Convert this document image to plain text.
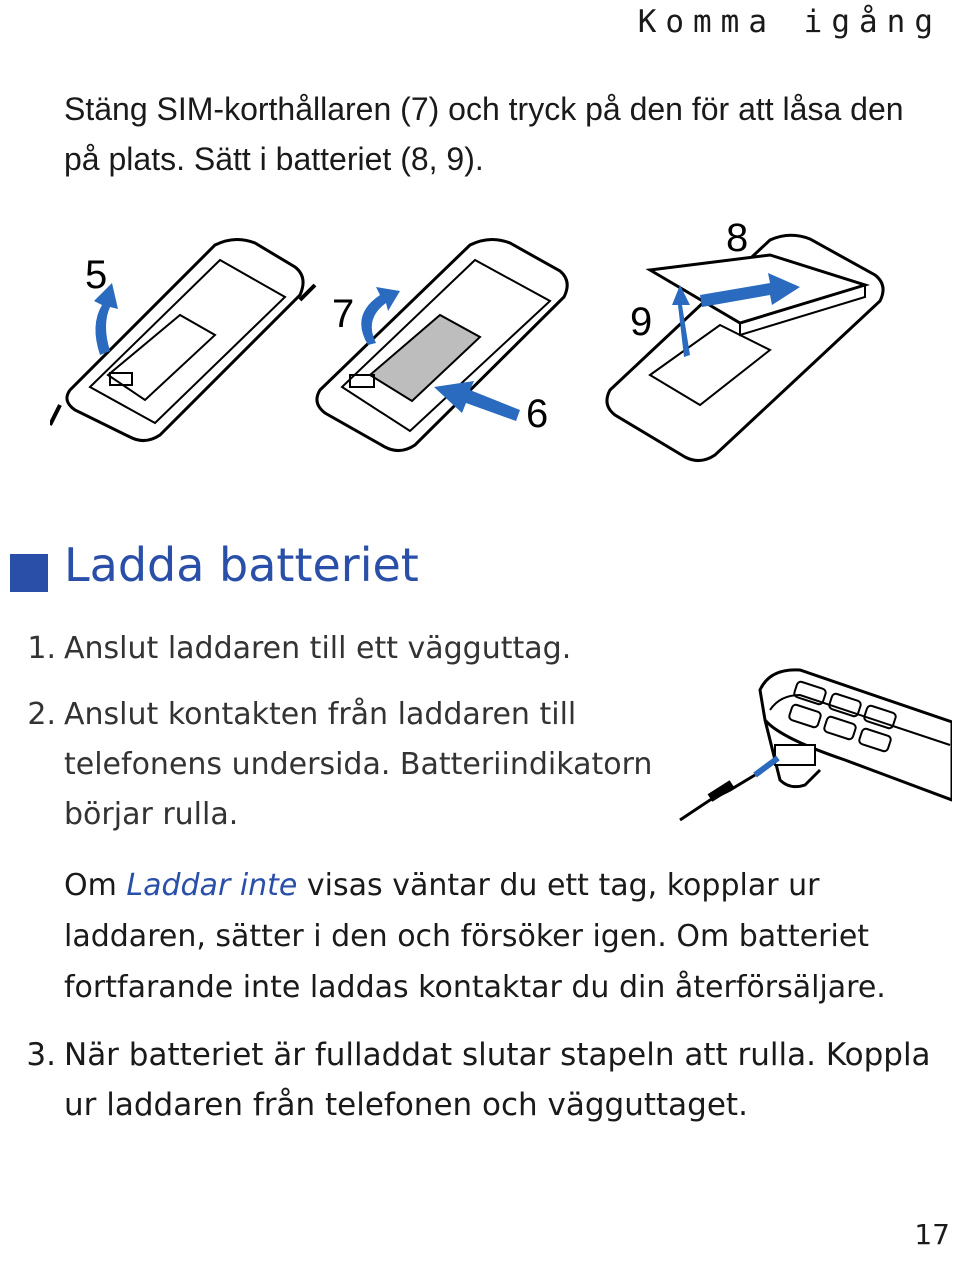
Komma igång
Stäng SIM-korthållaren (7) och tryck på den för att låsa den på plats. Sätt i batteriet (8, 9).
5
7
6
9
8
Ladda batteriet
1. Anslut laddaren till ett vägguttag.
2. Anslut kontakten från laddaren till telefonens undersida. Batteriindikatorn börjar rulla.
Om Laddar inte visas väntar du ett tag, kopplar ur laddaren, sätter i den och försöker igen. Om batteriet fortfarande inte laddas kontaktar du din återförsäljare.
3. När batteriet är fulladdat slutar stapeln att rulla. Koppla ur laddaren från telefonen och vägguttaget.
17
